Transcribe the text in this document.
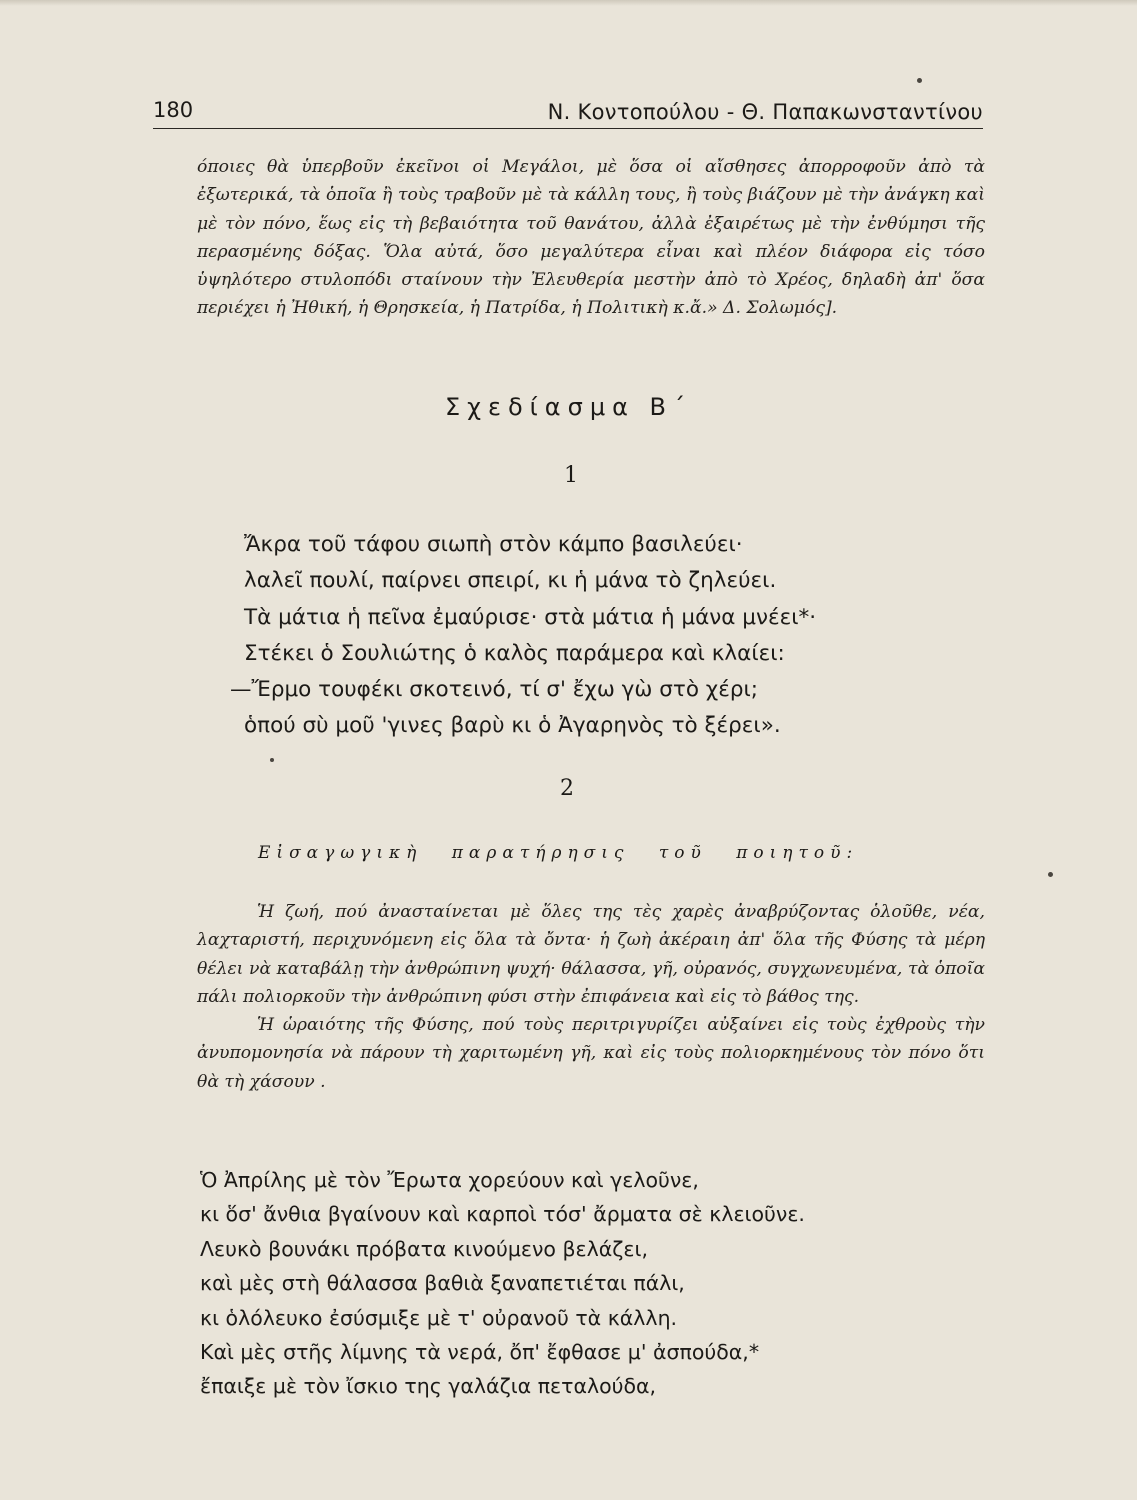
180	Ν. Κοντοπούλου - Θ. Παπακωνσταντίνου

όποιες θὰ ὑπερβοῦν ἐκεῖνοι οἱ Μεγάλοι, μὲ ὅσα οἱ αἴσθησες ἀπορροφοῦν ἀπὸ τὰ ἐξωτερικά, τὰ ὁποῖα ἢ τοὺς τραβοῦν μὲ τὰ κάλλη τους, ἢ τοὺς βιάζουν μὲ τὴν ἀνάγκη καὶ μὲ τὸν πόνο, ἕως εἰς τὴ βεβαιότητα τοῦ θανάτου, ἀλλὰ ἐξαιρέτως μὲ τὴν ἐνθύμησι τῆς περασμένης δόξας. Ὅλα αὐτά, ὅσο μεγαλύτερα εἶναι καὶ πλέον διάφορα εἰς τόσο ὑψηλότερο στυλοπόδι σταίνουν τὴν Ἐλευθερία μεστὴν ἀπὸ τὸ Χρέος, δηλαδὴ ἀπ' ὅσα περιέχει ἡ Ἠθική, ἡ Θρησκεία, ἡ Πατρίδα, ἡ Πολιτικὴ κ.ἄ.» Δ. Σολωμός].

Σχεδίασμα Β΄
1
Ἄκρα τοῦ τάφου σιωπὴ στὸν κάμπο βασιλεύει·
λαλεῖ πουλί, παίρνει σπειρί, κι ἡ μάνα τὸ ζηλεύει.
Τὰ μάτια ἡ πεῖνα ἐμαύρισε· στὰ μάτια ἡ μάνα μνέει*·
Στέκει ὁ Σουλιώτης ὁ καλὸς παράμερα καὶ κλαίει:
—Ἔρμο τουφέκι σκοτεινό, τί σ' ἔχω γὼ στὸ χέρι;
ὁπού σὺ μοῦ 'γινες βαρὺ κι ὁ Ἀγαρηνὸς τὸ ξέρει».
2
Εἰσαγωγικὴ παρατήρησις τοῦ ποιητοῦ:

Ἡ ζωή, πού ἀνασταίνεται μὲ ὅλες της τὲς χαρὲς ἀναβρύζοντας ὁλοῦθε, νέα, λαχταριστή, περιχυνόμενη εἰς ὅλα τὰ ὄντα· ἡ ζωὴ ἀκέραιη ἀπ' ὅλα τῆς Φύσης τὰ μέρη θέλει νὰ καταβάλῃ τὴν ἀνθρώπινη ψυχή· θάλασσα, γῆ, οὐρανός, συγχωνευμένα, τὰ ὁποῖα πάλι πολιορκοῦν τὴν ἀνθρώπινη φύσι στὴν ἐπιφάνεια καὶ εἰς τὸ βάθος της.

Ἡ ὡραιότης τῆς Φύσης, πού τοὺς περιτριγυρίζει αὐξαίνει εἰς τοὺς ἐχθροὺς τὴν ἀνυπομονησία νὰ πάρουν τὴ χαριτωμένη γῆ, καὶ εἰς τοὺς πολιορκημένους τὸν πόνο ὅτι θὰ τὴ χάσουν .

Ὁ Ἀπρίλης μὲ τὸν Ἔρωτα χορεύουν καὶ γελοῦνε,
κι ὅσ' ἄνθια βγαίνουν καὶ καρποὶ τόσ' ἄρματα σὲ κλειοῦνε.
Λευκὸ βουνάκι πρόβατα κινούμενο βελάζει,
καὶ μὲς στὴ θάλασσα βαθιὰ ξαναπετιέται πάλι,
κι ὁλόλευκο ἐσύσμιξε μὲ τ' οὐρανοῦ τὰ κάλλη.
Καὶ μὲς στῆς λίμνης τὰ νερά, ὄπ' ἔφθασε μ' ἀσπούδα,*
ἔπαιξε μὲ τὸν ἴσκιο της γαλάζια πεταλούδα,
